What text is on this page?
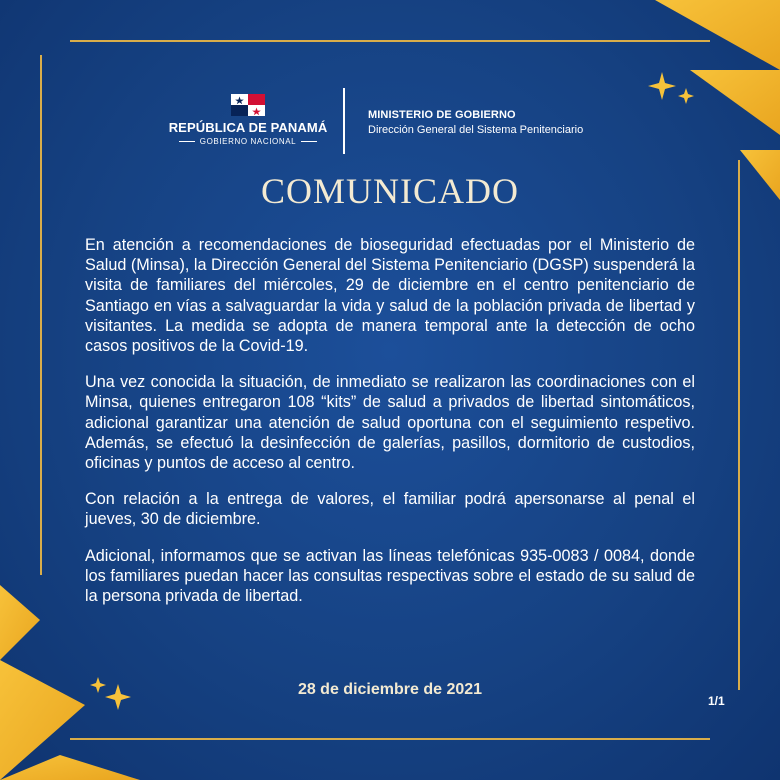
REPÚBLICA DE PANAMÁ
GOBIERNO NACIONAL
MINISTERIO DE GOBIERNO
Dirección General del Sistema Penitenciario
COMUNICADO

En atención a recomendaciones de bioseguridad efectuadas por el Ministerio de Salud (Minsa), la Dirección General del Sistema Penitenciario (DGSP) suspenderá la visita de familiares del miércoles, 29 de diciembre en el centro penitenciario de Santiago en vías a salvaguardar la vida y salud de la población privada de libertad y visitantes. La medida se adopta de manera temporal ante la detección de ocho casos positivos de la Covid-19.

Una vez conocida la situación, de inmediato se realizaron las coordinaciones con el Minsa, quienes entregaron 108 “kits” de salud a privados de libertad sintomáticos, adicional garantizar una atención de salud oportuna con el seguimiento respetivo. Además, se efectuó la desinfección de galerías, pasillos, dormitorio de custodios, oficinas y puntos de acceso al centro.

Con relación a la entrega de valores, el familiar podrá apersonarse al penal el jueves, 30 de diciembre.

Adicional, informamos que se activan las líneas telefónicas 935-0083 / 0084, donde los familiares puedan hacer las consultas respectivas sobre el estado de su salud de la persona privada de libertad.

28 de diciembre de 2021
1/1
